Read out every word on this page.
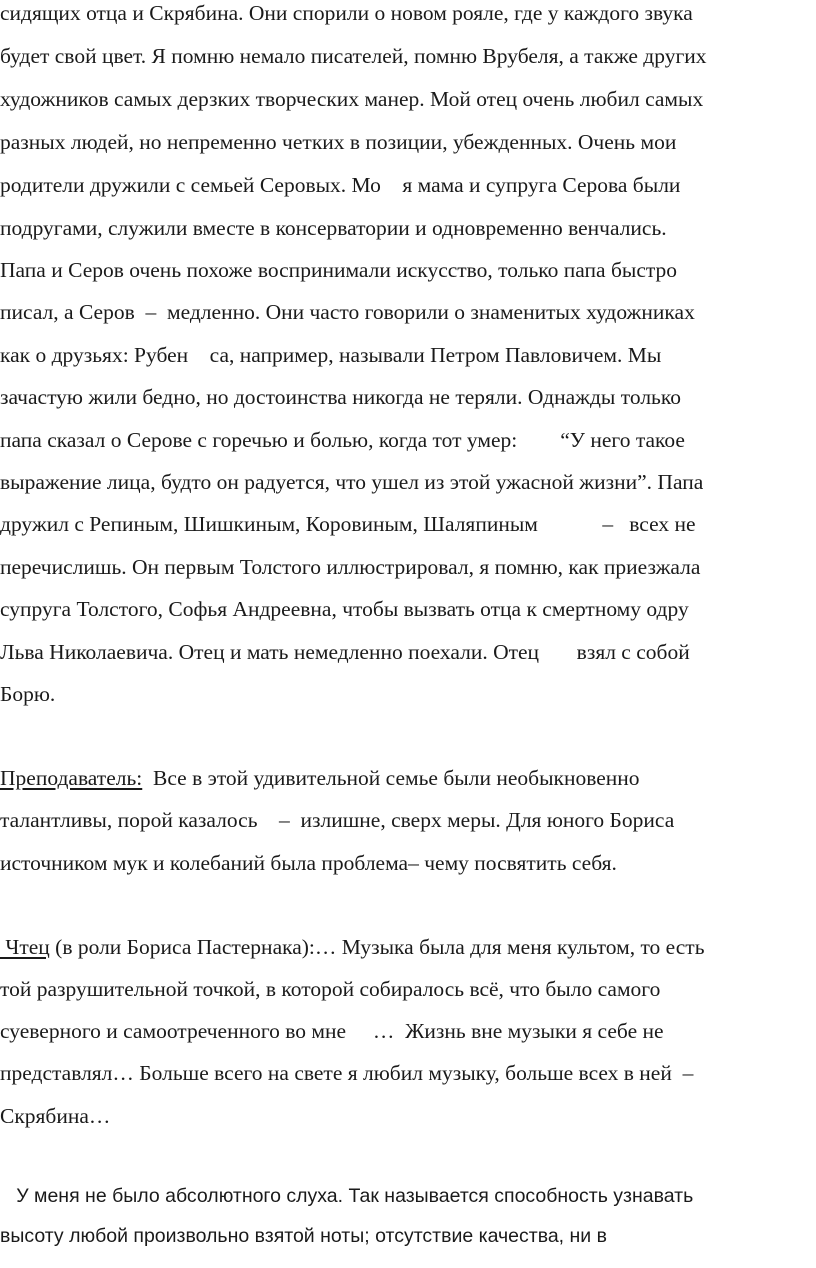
сидящих отца и Скрябина. Они спорили о новом рояле, где у каждого звука
будет свой цвет. Я помню немало писателей, помню Врубеля, а также других
художников самых дерзких творческих манер. Мой отец очень любил самых
разных людей, но непременно четких в позиции, убежденных. Очень мои
родители дружили с семьей Серовых. Мо    я мама и супруга Серова были
подругами, служили вместе в консерватории и одновременно венчались.
Папа и Серов очень похоже воспринимали искусство, только папа быстро
писал, а Серов  –  медленно. Они часто говорили о знаменитых художниках
как о друзьях: Рубен    са, например, называли Петром Павловичем. Мы
зачастую жили бедно, но достоинства никогда не теряли. Однажды только
папа сказал о Серове с горечью и болью, когда тот умер:        “У него такое
выражение лица, будто он радуется, что ушел из этой ужасной жизни”. Папа
дружил с Репиным, Шишкиным, Коровиным, Шаляпиным            –   всех не
перечислишь. Он первым Толстого иллюстрировал, я помню, как приезжала
супруга Толстого, Софья Андреевна, чтобы вызвать отца к смертному одру
Льва Николаевича. Отец и мать немедленно поехали. Отец       взял с собой
Борю.
Преподаватель:  Все в этой удивительной семье были необыкновенно
талантливы, порой казалось    –  излишне, сверх меры. Для юного Бориса
источником мук и колебаний была проблема– чему посвятить себя.
Чтец (в роли Бориса Пастернака):… Музыка была для меня культом, то есть
той разрушительной точкой, в которой собиралось всё, что было самого
суеверного и самоотреченного во мне     …  Жизнь вне музыки я себе не
представлял… Больше всего на свете я любил музыку, больше всех в ней  –
Скрябина…
У меня не было абсолютного слуха. Так называется способность узнавать
высоту любой произвольно взятой ноты; отсутствие качества, ни в
